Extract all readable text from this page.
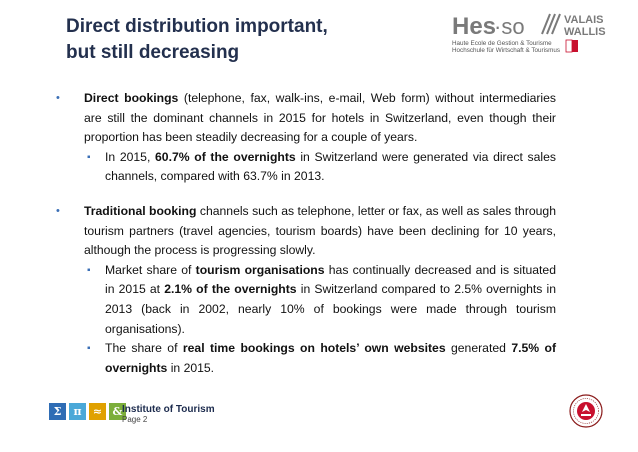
Direct distribution important,
but still decreasing
Hes
·so	VALAIS
WALLIS
Haute Ecole de Gestion & Tourisme
Hochschule für Wirtschaft & Tourismus
• Direct bookings (telephone, fax, walk-ins, e-mail, Web form) without intermediaries are still the dominant channels in 2015 for hotels in Switzerland, even though their proportion has been steadily decreasing for a couple of years.
▪ In 2015, 60.7% of the overnights in Switzerland were generated via direct sales channels, compared with 63.7% in 2013.
• Traditional booking channels such as telephone, letter or fax, as well as sales through tourism partners (travel agencies, tourism boards) have been declining for 10 years, although the process is progressing slowly.
▪ Market share of tourism organisations has continually decreased and is situated in 2015 at 2.1% of the overnights in Switzerland compared to 2.5% overnights in 2013 (back in 2002, nearly 10% of bookings were made through tourism organisations).
▪ The share of real time bookings on hotels’ own websites generated 7.5% of overnights in 2015.
Σ	π	≈ & Institute of Tourism
Page 2
